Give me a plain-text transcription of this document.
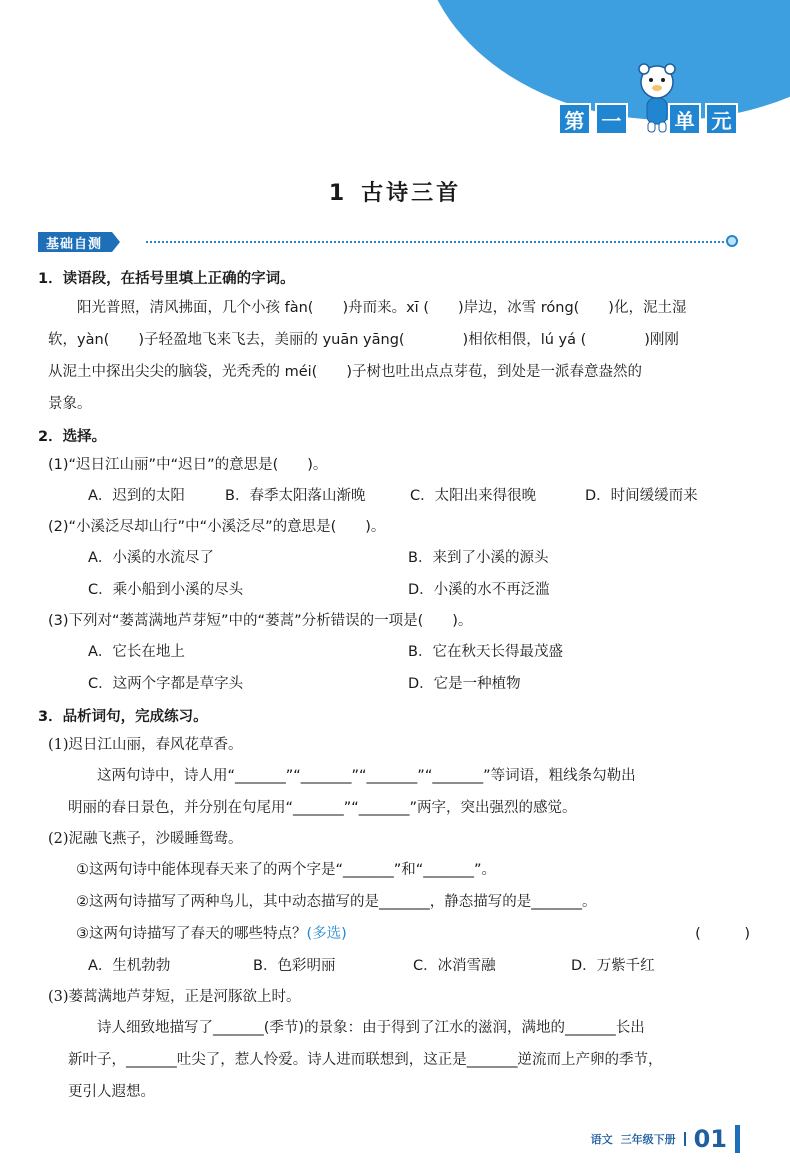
第 一	单 元
1 古诗三首
基础自测
1．读语段，在括号里填上正确的字词。
阳光普照，清风拂面，几个小孩 fàn(　　)舟而来。xī (　　)岸边，冰雪 róng(　　)化，泥土湿
软，yàn(　　)子轻盈地飞来飞去，美丽的 yuān yāng(　　　　)相依相偎，lú yá (　　　　)刚刚
从泥土中探出尖尖的脑袋，光秃秃的 méi(　　)子树也吐出点点芽苞，到处是一派春意盎然的
景象。
2．选择。
(1)“迟日江山丽”中“迟日”的意思是(　　)。
A．迟到的太阳	B．春季太阳落山渐晚	C．太阳出来得很晚	D．时间缓缓而来
(2)“小溪泛尽却山行”中“小溪泛尽”的意思是(　　)。
A．小溪的水流尽了	B．来到了小溪的源头
C．乘小船到小溪的尽头	D．小溪的水不再泛滥
(3)下列对“蒌蒿满地芦芽短”中的“蒌蒿”分析错误的一项是(　　)。
A．它长在地上	B．它在秋天长得最茂盛
C．这两个字都是草字头	D．它是一种植物
3．品析词句，完成练习。
(1)迟日江山丽，春风花草香。
这两句诗中，诗人用“_______”“_______”“_______”“_______”等词语，粗线条勾勒出
明丽的春日景色，并分别在句尾用“_______”“_______”两字，突出强烈的感觉。
(2)泥融飞燕子，沙暖睡鸳鸯。
①这两句诗中能体现春天来了的两个字是“_______”和“_______”。
②这两句诗描写了两种鸟儿，其中动态描写的是_______，静态描写的是_______。
③这两句诗描写了春天的哪些特点？(多选)	(　　　)
A．生机勃勃	B．色彩明丽	C．冰消雪融	D．万紫千红
(3)蒌蒿满地芦芽短，正是河豚欲上时。
诗人细致地描写了_______(季节)的景象：由于得到了江水的滋润，满地的_______长出
新叶子，_______吐尖了，惹人怜爱。诗人进而联想到，这正是_______逆流而上产卵的季节，
更引人遐想。
语文 三年级下册 01
